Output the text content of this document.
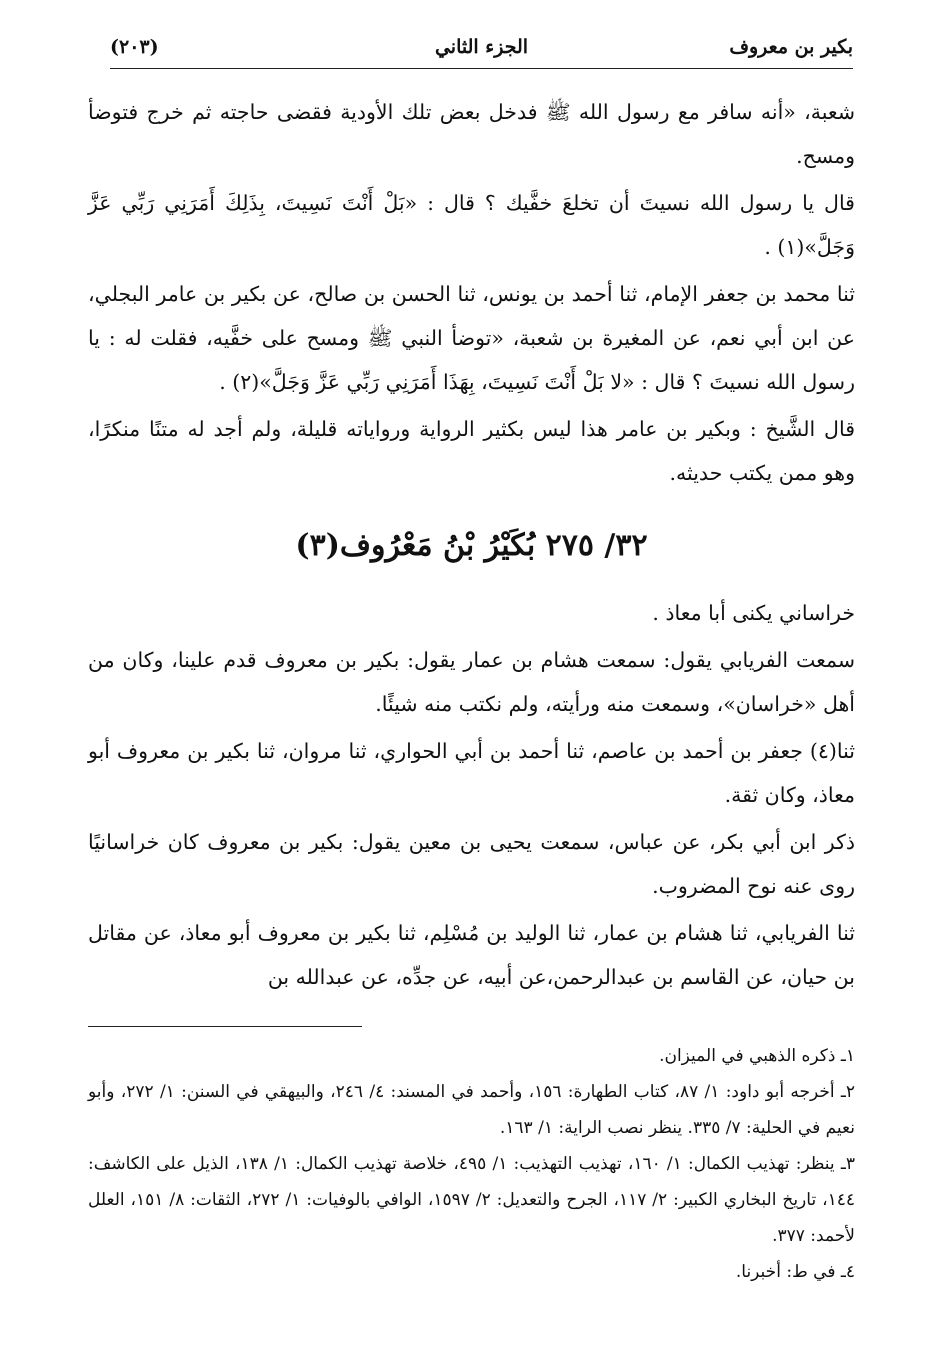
بكير بن معروف
الجزء الثاني
(٢٠٣)

شعبة، «أنه سافر مع رسول الله ﷺ فدخل بعض تلك الأودية فقضى حاجته ثم خرج فتوضأ ومسح.

قال يا رسول الله نسيتَ أن تخلعَ خفَّيك ؟ قال : «بَلْ أَنْتَ نَسِيتَ، بِذَلِكَ أَمَرَنِي رَبِّي عَزَّ وَجَلَّ»(١) .

ثنا محمد بن جعفر الإمام، ثنا أحمد بن يونس، ثنا الحسن بن صالح، عن بكير بن عامر البجلي، عن ابن أبي نعم، عن المغيرة بن شعبة، «توضأ النبي ﷺ ومسح على خفَّيه، فقلت له : يا رسول الله نسيتَ ؟ قال : «لا بَلْ أَنْتَ نَسِيتَ، بِهَذَا أَمَرَنِي رَبِّي عَزَّ وَجَلَّ»(٢) .

قال الشَّيخ : وبكير بن عامر هذا ليس بكثير الرواية ورواياته قليلة، ولم أجد له متنًا منكرًا، وهو ممن يكتب حديثه.

٣٢/ ٢٧٥ بُكَيْرُ بْنُ مَعْرُوف(٣)

خراساني يكنى أبا معاذ .

سمعت الفريابي يقول: سمعت هشام بن عمار يقول: بكير بن معروف قدم علينا، وكان من أهل «خراسان»، وسمعت منه ورأيته، ولم نكتب منه شيئًا.

ثنا(٤) جعفر بن أحمد بن عاصم، ثنا أحمد بن أبي الحواري، ثنا مروان، ثنا بكير بن معروف أبو معاذ، وكان ثقة.

ذكر ابن أبي بكر، عن عباس، سمعت يحيى بن معين يقول: بكير بن معروف كان خراسانيًا روى عنه نوح المضروب.

ثنا الفريابي، ثنا هشام بن عمار، ثنا الوليد بن مُسْلِم، ثنا بكير بن معروف أبو معاذ، عن مقاتل بن حيان، عن القاسم بن عبدالرحمن،عن أبيه، عن جدِّه، عن عبدالله بن

١ـ ذكره الذهبي في الميزان.

٢ـ أخرجه أبو داود: ١/ ٨٧، كتاب الطهارة: ١٥٦، وأحمد في المسند: ٤/ ٢٤٦، والبيهقي في السنن: ١/ ٢٧٢، وأبو نعيم في الحلية: ٧/ ٣٣٥. ينظر نصب الراية: ١/ ١٦٣.

٣ـ ينظر: تهذيب الكمال: ١/ ١٦٠، تهذيب التهذيب: ١/ ٤٩٥، خلاصة تهذيب الكمال: ١/ ١٣٨، الذيل على الكاشف: ١٤٤، تاريخ البخاري الكبير: ٢/ ١١٧، الجرح والتعديل: ٢/ ١٥٩٧، الوافي بالوفيات: ١/ ٢٧٢، الثقات: ٨/ ١٥١، العلل لأحمد: ٣٧٧.

٤ـ في ط: أخبرنا.
